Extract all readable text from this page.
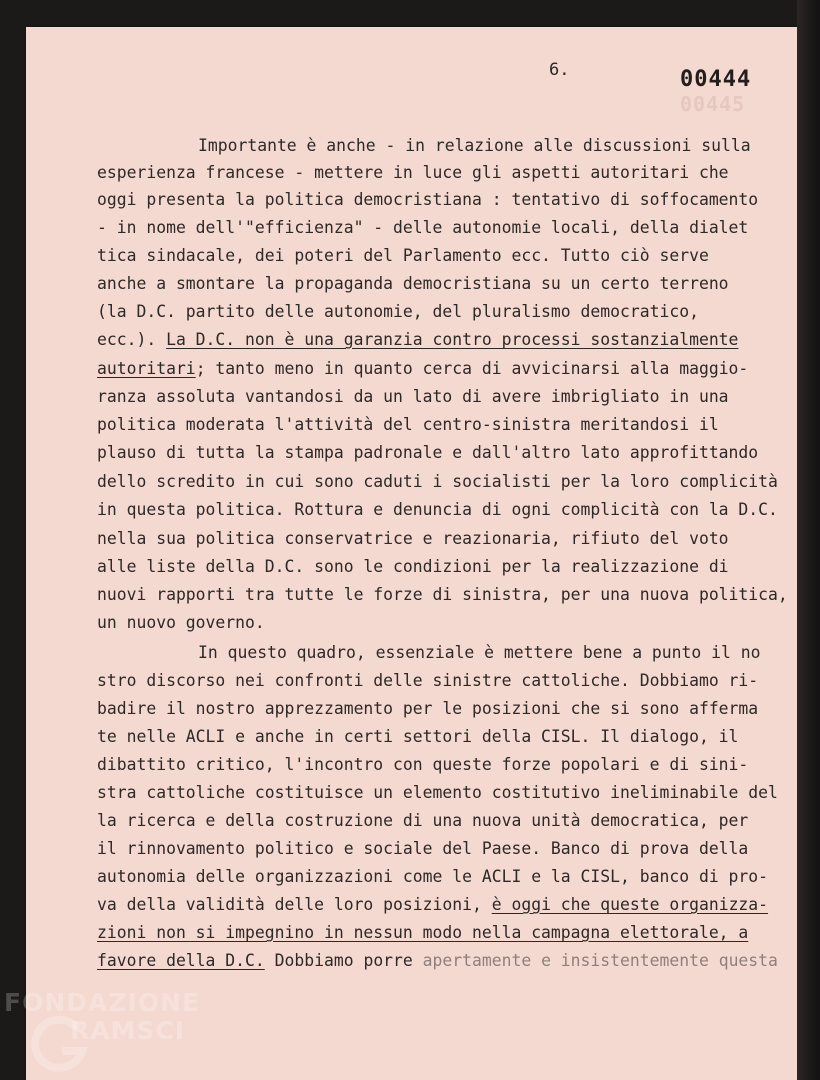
6.	00444

00445

Importante è anche - in relazione alle discussioni sulla

esperienza francese - mettere in luce gli aspetti autoritari che

oggi presenta la politica democristiana : tentativo di soffocamento

- in nome dell'"efficienza" - delle autonomie locali, della dialet

tica sindacale, dei poteri del Parlamento ecc. Tutto ciò serve

anche a smontare la propaganda democristiana su un certo terreno

(la D.C. partito delle autonomie, del pluralismo democratico,

ecc.). La D.C. non è una garanzia contro processi sostanzialmente

autoritari; tanto meno in quanto cerca di avvicinarsi alla maggio-

ranza assoluta vantandosi da un lato di avere imbrigliato in una

politica moderata l'attività del centro-sinistra meritandosi il

plauso di tutta la stampa padronale e dall'altro lato approfittando

dello scredito in cui sono caduti i socialisti per la loro complicità

in questa politica. Rottura e denuncia di ogni complicità con la D.C.

nella sua politica conservatrice e reazionaria, rifiuto del voto

alle liste della D.C. sono le condizioni per la realizzazione di

nuovi rapporti tra tutte le forze di sinistra, per una nuova politica,

un nuovo governo.

In questo quadro, essenziale è mettere bene a punto il no

stro discorso nei confronti delle sinistre cattoliche. Dobbiamo ri-

badire il nostro apprezzamento per le posizioni che si sono afferma

te nelle ACLI e anche in certi settori della CISL. Il dialogo, il

dibattito critico, l'incontro con queste forze popolari e di sini-

stra cattoliche costituisce un elemento costitutivo ineliminabile del

la ricerca e della costruzione di una nuova unità democratica, per

il rinnovamento politico e sociale del Paese. Banco di prova della

autonomia delle organizzazioni come le ACLI e la CISL, banco di pro-

va della validità delle loro posizioni, è oggi che queste organizza-

zioni non si impegnino in nessun modo nella campagna elettorale, a

favore della D.C. Dobbiamo porre apertamente e insistentemente questa

FONDAZIONE

RAMSCI
